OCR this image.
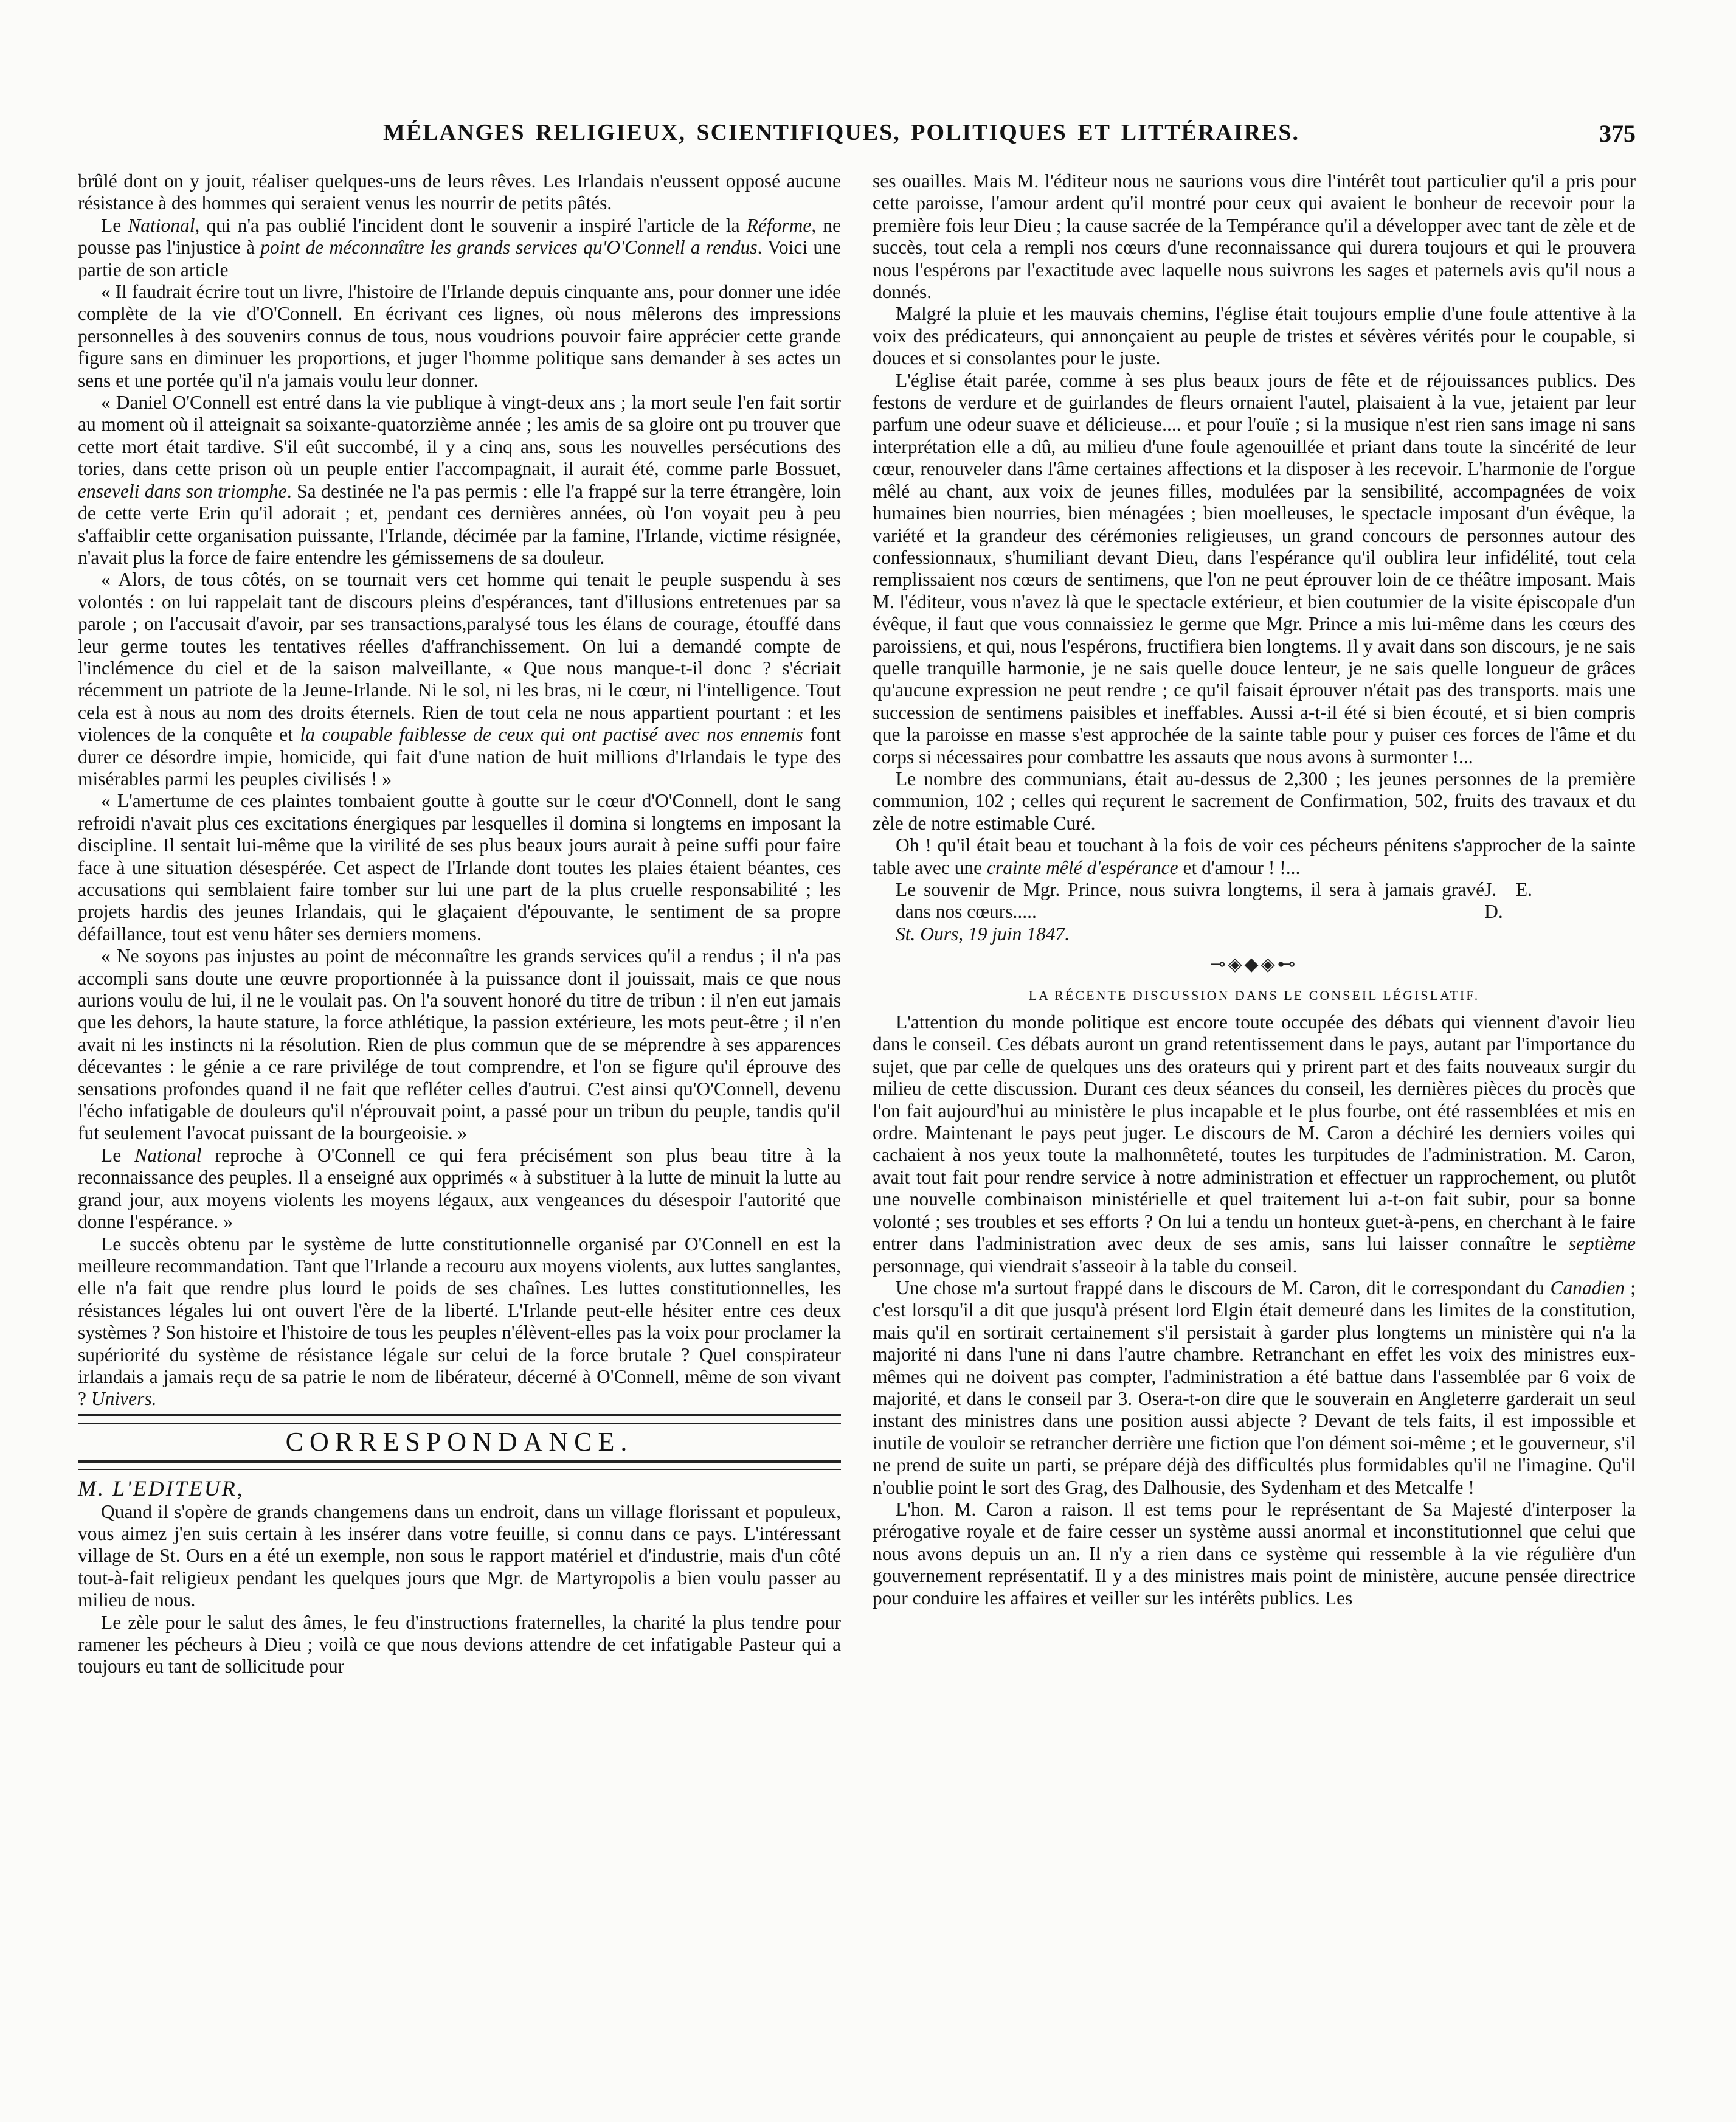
MÉLANGES RELIGIEUX, SCIENTIFIQUES, POLITIQUES ET LITTÉRAIRES.	375

brûlé dont on y jouit, réaliser quelques-uns de leurs rêves. Les Irlandais n'eussent opposé aucune résistance à des hommes qui seraient venus les nourrir de petits pâtés.

Le National, qui n'a pas oublié l'incident dont le souvenir a inspiré l'article de la Réforme, ne pousse pas l'injustice à point de méconnaître les grands services qu'O'Connell a rendus. Voici une partie de son article

« Il faudrait écrire tout un livre, l'histoire de l'Irlande depuis cinquante ans, pour donner une idée complète de la vie d'O'Connell. En écrivant ces lignes, où nous mêlerons des impressions personnelles à des souvenirs connus de tous, nous voudrions pouvoir faire apprécier cette grande figure sans en diminuer les proportions, et juger l'homme politique sans demander à ses actes un sens et une portée qu'il n'a jamais voulu leur donner.

« Daniel O'Connell est entré dans la vie publique à vingt-deux ans ; la mort seule l'en fait sortir au moment où il atteignait sa soixante-quatorzième année ; les amis de sa gloire ont pu trouver que cette mort était tardive. S'il eût succombé, il y a cinq ans, sous les nouvelles persécutions des tories, dans cette prison où un peuple entier l'accompagnait, il aurait été, comme parle Bossuet, enseveli dans son triomphe. Sa destinée ne l'a pas permis : elle l'a frappé sur la terre étrangère, loin de cette verte Erin qu'il adorait ; et, pendant ces dernières années, où l'on voyait peu à peu s'affaiblir cette organisation puissante, l'Irlande, décimée par la famine, l'Irlande, victime résignée, n'avait plus la force de faire entendre les gémissemens de sa douleur.

« Alors, de tous côtés, on se tournait vers cet homme qui tenait le peuple suspendu à ses volontés : on lui rappelait tant de discours pleins d'espérances, tant d'illusions entretenues par sa parole ; on l'accusait d'avoir, par ses transactions,paralysé tous les élans de courage, étouffé dans leur germe toutes les tentatives réelles d'affranchissement. On lui a demandé compte de l'inclémence du ciel et de la saison malveillante, « Que nous manque-t-il donc ? s'écriait récemment un patriote de la Jeune-Irlande. Ni le sol, ni les bras, ni le cœur, ni l'intelligence. Tout cela est à nous au nom des droits éternels. Rien de tout cela ne nous appartient pourtant : et les violences de la conquête et la coupable faiblesse de ceux qui ont pactisé avec nos ennemis font durer ce désordre impie, homicide, qui fait d'une nation de huit millions d'Irlandais le type des misérables parmi les peuples civilisés ! »

« L'amertume de ces plaintes tombaient goutte à goutte sur le cœur d'O'Connell, dont le sang refroidi n'avait plus ces excitations énergiques par lesquelles il domina si longtems en imposant la discipline. Il sentait lui-même que la virilité de ses plus beaux jours aurait à peine suffi pour faire face à une situation désespérée. Cet aspect de l'Irlande dont toutes les plaies étaient béantes, ces accusations qui semblaient faire tomber sur lui une part de la plus cruelle responsabilité ; les projets hardis des jeunes Irlandais, qui le glaçaient d'épouvante, le sentiment de sa propre défaillance, tout est venu hâter ses derniers momens.

« Ne soyons pas injustes au point de méconnaître les grands services qu'il a rendus ; il n'a pas accompli sans doute une œuvre proportionnée à la puissance dont il jouissait, mais ce que nous aurions voulu de lui, il ne le voulait pas. On l'a souvent honoré du titre de tribun : il n'en eut jamais que les dehors, la haute stature, la force athlétique, la passion extérieure, les mots peut-être ; il n'en avait ni les instincts ni la résolution. Rien de plus commun que de se méprendre à ses apparences décevantes : le génie a ce rare privilége de tout comprendre, et l'on se figure qu'il éprouve des sensations profondes quand il ne fait que refléter celles d'autrui. C'est ainsi qu'O'Connell, devenu l'écho infatigable de douleurs qu'il n'éprouvait point, a passé pour un tribun du peuple, tandis qu'il fut seulement l'avocat puissant de la bourgeoisie. »

Le National reproche à O'Connell ce qui fera précisément son plus beau titre à la reconnaissance des peuples. Il a enseigné aux opprimés « à substituer à la lutte de minuit la lutte au grand jour, aux moyens violents les moyens légaux, aux vengeances du désespoir l'autorité que donne l'espérance. »

Le succès obtenu par le système de lutte constitutionnelle organisé par O'Connell en est la meilleure recommandation. Tant que l'Irlande a recouru aux moyens violents, aux luttes sanglantes, elle n'a fait que rendre plus lourd le poids de ses chaînes. Les luttes constitutionnelles, les résistances légales lui ont ouvert l'ère de la liberté. L'Irlande peut-elle hésiter entre ces deux systèmes ? Son histoire et l'histoire de tous les peuples n'élèvent-elles pas la voix pour proclamer la supériorité du système de résistance légale sur celui de la force brutale ? Quel conspirateur irlandais a jamais reçu de sa patrie le nom de libérateur, décerné à O'Connell, même de son vivant ? Univers.

CORRESPONDANCE.
M. L'EDITEUR,

Quand il s'opère de grands changemens dans un endroit, dans un village florissant et populeux, vous aimez j'en suis certain à les insérer dans votre feuille, si connu dans ce pays. L'intéressant village de St. Ours en a été un exemple, non sous le rapport matériel et d'industrie, mais d'un côté tout-à-fait religieux pendant les quelques jours que Mgr. de Martyropolis a bien voulu passer au milieu de nous.

Le zèle pour le salut des âmes, le feu d'instructions fraternelles, la charité la plus tendre pour ramener les pécheurs à Dieu ; voilà ce que nous devions attendre de cet infatigable Pasteur qui a toujours eu tant de sollicitude pour

ses ouailles. Mais M. l'éditeur nous ne saurions vous dire l'intérêt tout particulier qu'il a pris pour cette paroisse, l'amour ardent qu'il montré pour ceux qui avaient le bonheur de recevoir pour la première fois leur Dieu ; la cause sacrée de la Tempérance qu'il a développer avec tant de zèle et de succès, tout cela a rempli nos cœurs d'une reconnaissance qui durera toujours et qui le prouvera nous l'espérons par l'exactitude avec laquelle nous suivrons les sages et paternels avis qu'il nous a donnés.

Malgré la pluie et les mauvais chemins, l'église était toujours emplie d'une foule attentive à la voix des prédicateurs, qui annonçaient au peuple de tristes et sévères vérités pour le coupable, si douces et si consolantes pour le juste.

L'église était parée, comme à ses plus beaux jours de fête et de réjouissances publics. Des festons de verdure et de guirlandes de fleurs ornaient l'autel, plaisaient à la vue, jetaient par leur parfum une odeur suave et délicieuse.... et pour l'ouïe ; si la musique n'est rien sans image ni sans interprétation elle a dû, au milieu d'une foule agenouillée et priant dans toute la sincérité de leur cœur, renouveler dans l'âme certaines affections et la disposer à les recevoir. L'harmonie de l'orgue mêlé au chant, aux voix de jeunes filles, modulées par la sensibilité, accompagnées de voix humaines bien nourries, bien ménagées ; bien moelleuses, le spectacle imposant d'un évêque, la variété et la grandeur des cérémonies religieuses, un grand concours de personnes autour des confessionnaux, s'humiliant devant Dieu, dans l'espérance qu'il oublira leur infidélité, tout cela remplissaient nos cœurs de sentimens, que l'on ne peut éprouver loin de ce théâtre imposant. Mais M. l'éditeur, vous n'avez là que le spectacle extérieur, et bien coutumier de la visite épiscopale d'un évêque, il faut que vous connaissiez le germe que Mgr. Prince a mis lui-même dans les cœurs des paroissiens, et qui, nous l'espérons, fructifiera bien longtems. Il y avait dans son discours, je ne sais quelle tranquille harmonie, je ne sais quelle douce lenteur, je ne sais quelle longueur de grâces qu'aucune expression ne peut rendre ; ce qu'il faisait éprouver n'était pas des transports. mais une succession de sentimens paisibles et ineffables. Aussi a-t-il été si bien écouté, et si bien compris que la paroisse en masse s'est approchée de la sainte table pour y puiser ces forces de l'âme et du corps si nécessaires pour combattre les assauts que nous avons à surmonter !...

Le nombre des communians, était au-dessus de 2,300 ; les jeunes personnes de la première communion, 102 ; celles qui reçurent le sacrement de Confirmation, 502, fruits des travaux et du zèle de notre estimable Curé.

Oh ! qu'il était beau et touchant à la fois de voir ces pécheurs pénitens s'approcher de la sainte table avec une crainte mêlé d'espérance et d'amour ! !...

Le souvenir de Mgr. Prince, nous suivra longtems, il sera à jamais gravé dans nos cœurs.....
J. E. D.
St. Ours, 19 juin 1847.
⊸◈◆◈⊷
LA RÉCENTE DISCUSSION DANS LE CONSEIL LÉGISLATIF.

L'attention du monde politique est encore toute occupée des débats qui viennent d'avoir lieu dans le conseil. Ces débats auront un grand retentissement dans le pays, autant par l'importance du sujet, que par celle de quelques uns des orateurs qui y prirent part et des faits nouveaux surgir du milieu de cette discussion. Durant ces deux séances du conseil, les dernières pièces du procès que l'on fait aujourd'hui au ministère le plus incapable et le plus fourbe, ont été rassemblées et mis en ordre. Maintenant le pays peut juger. Le discours de M. Caron a déchiré les derniers voiles qui cachaient à nos yeux toute la malhonnêteté, toutes les turpitudes de l'administration. M. Caron, avait tout fait pour rendre service à notre administration et effectuer un rapprochement, ou plutôt une nouvelle combinaison ministérielle et quel traitement lui a-t-on fait subir, pour sa bonne volonté ; ses troubles et ses efforts ? On lui a tendu un honteux guet-à-pens, en cherchant à le faire entrer dans l'administration avec deux de ses amis, sans lui laisser connaître le septième personnage, qui viendrait s'asseoir à la table du conseil.

Une chose m'a surtout frappé dans le discours de M. Caron, dit le correspondant du Canadien ; c'est lorsqu'il a dit que jusqu'à présent lord Elgin était demeuré dans les limites de la constitution, mais qu'il en sortirait certainement s'il persistait à garder plus longtems un ministère qui n'a la majorité ni dans l'une ni dans l'autre chambre. Retranchant en effet les voix des ministres eux-mêmes qui ne doivent pas compter, l'administration a été battue dans l'assemblée par 6 voix de majorité, et dans le conseil par 3. Osera-t-on dire que le souverain en Angleterre garderait un seul instant des ministres dans une position aussi abjecte ? Devant de tels faits, il est impossible et inutile de vouloir se retrancher derrière une fiction que l'on dément soi-même ; et le gouverneur, s'il ne prend de suite un parti, se prépare déjà des difficultés plus formidables qu'il ne l'imagine. Qu'il n'oublie point le sort des Grag, des Dalhousie, des Sydenham et des Metcalfe !

L'hon. M. Caron a raison. Il est tems pour le représentant de Sa Majesté d'interposer la prérogative royale et de faire cesser un système aussi anormal et inconstitutionnel que celui que nous avons depuis un an. Il n'y a rien dans ce système qui ressemble à la vie régulière d'un gouvernement représentatif. Il y a des ministres mais point de ministère, aucune pensée directrice pour conduire les affaires et veiller sur les intérêts publics. Les
